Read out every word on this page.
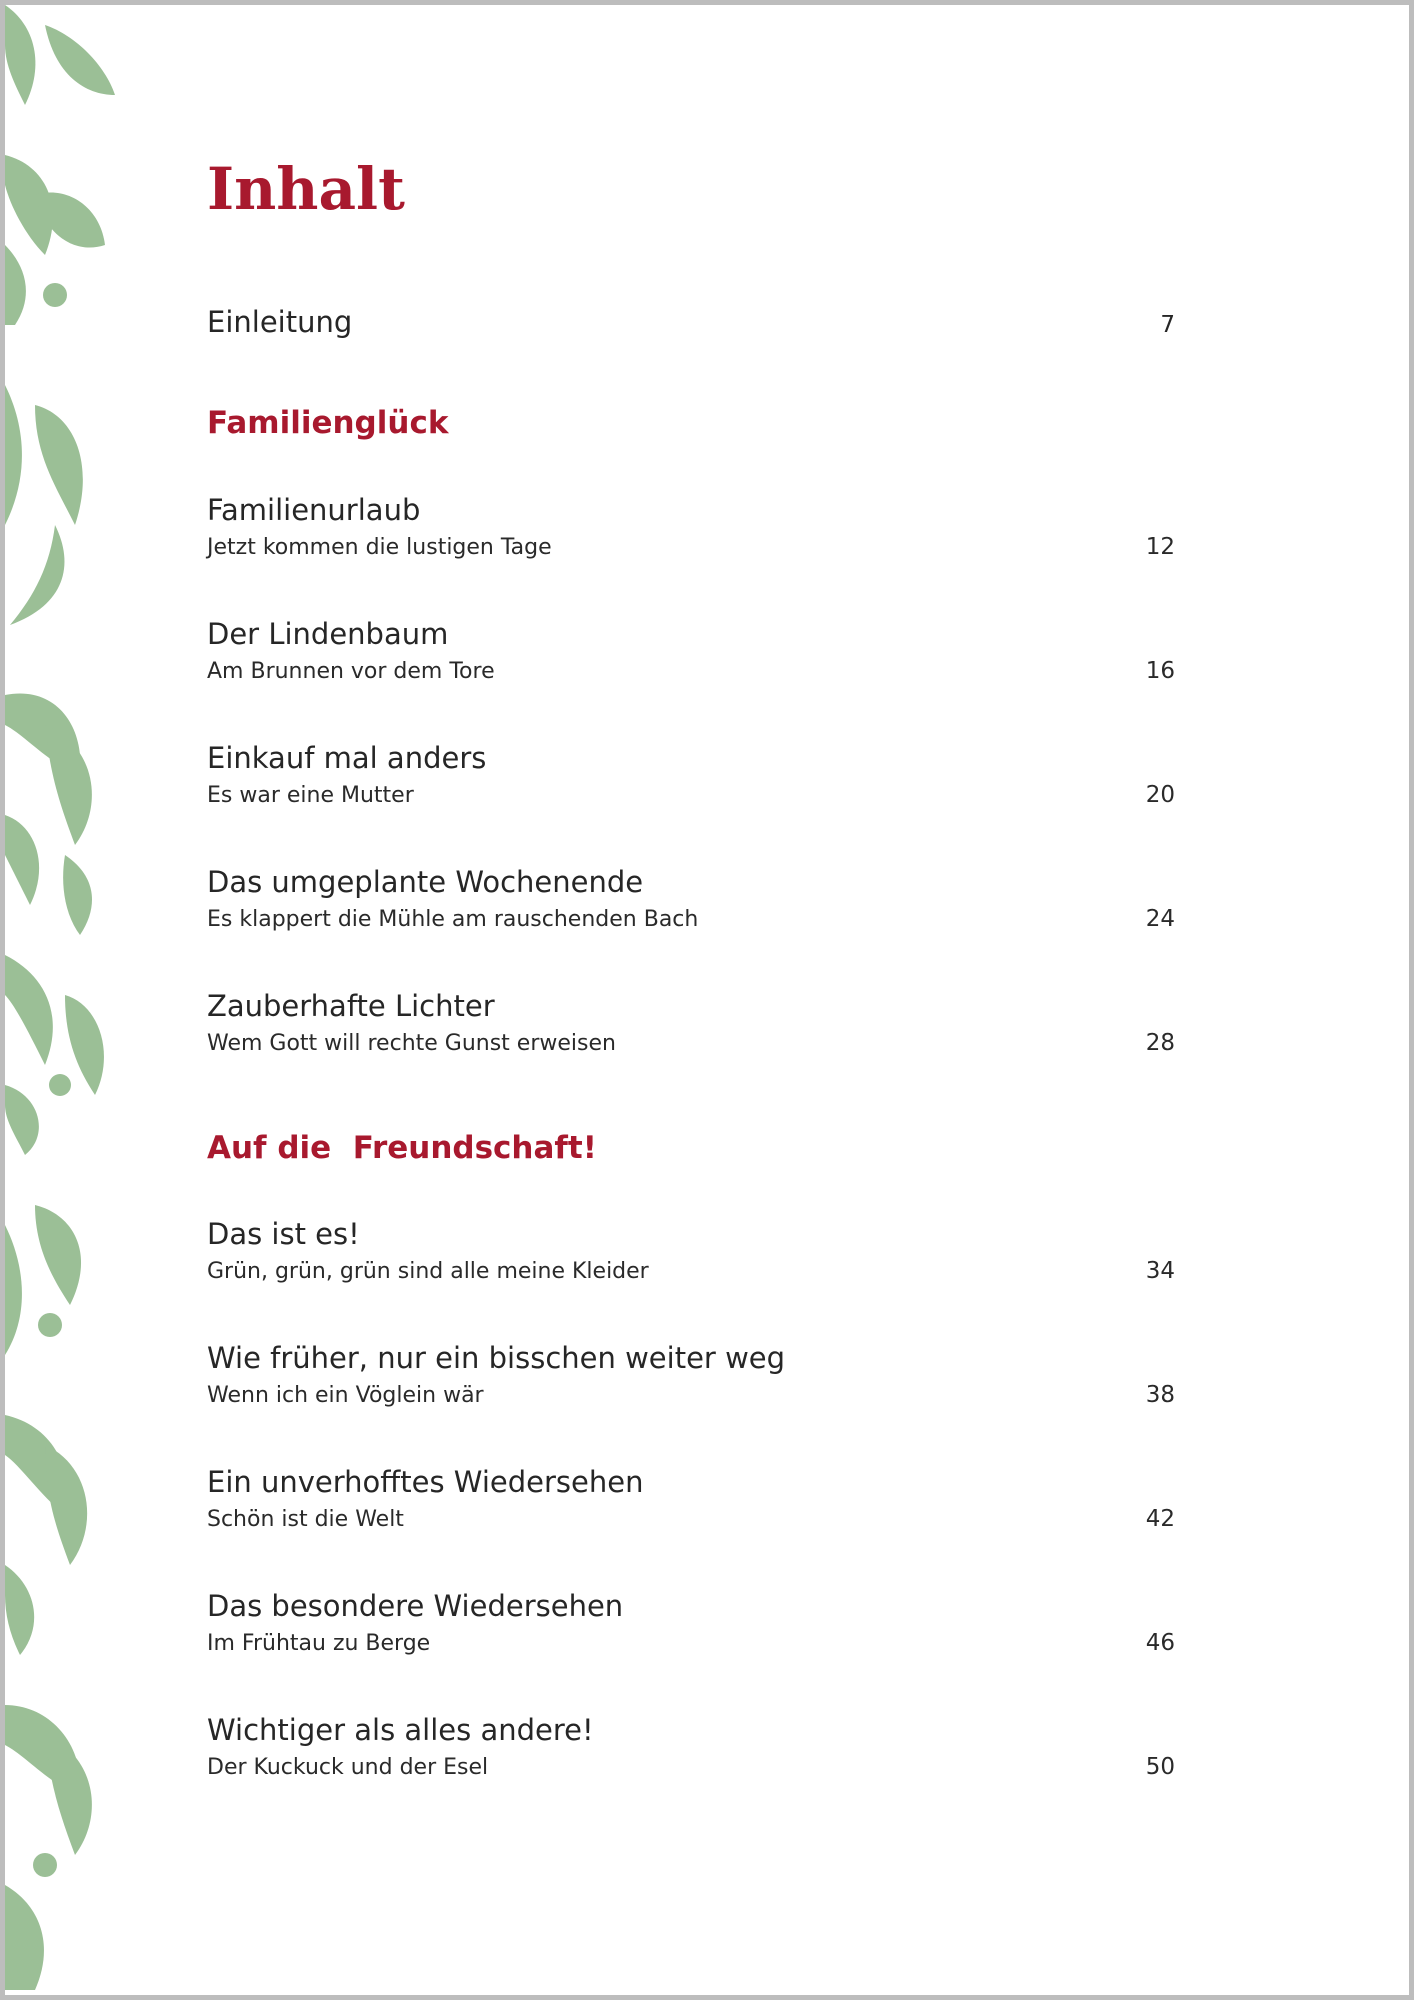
Inhalt
Einleitung	7
Familienglück
Familienurlaub
Jetzt kommen die lustigen Tage	12
Der Lindenbaum
Am Brunnen vor dem Tore	16
Einkauf mal anders
Es war eine Mutter	20
Das umgeplante Wochenende
Es klappert die Mühle am rauschenden Bach	24
Zauberhafte Lichter
Wem Gott will rechte Gunst erweisen	28
Auf die  Freundschaft!
Das ist es!
Grün, grün, grün sind alle meine Kleider	34
Wie früher, nur ein bisschen weiter weg
Wenn ich ein Vöglein wär	38
Ein unverhofftes Wiedersehen
Schön ist die Welt	42
Das besondere Wiedersehen
Im Frühtau zu Berge	46
Wichtiger als alles andere!
Der Kuckuck und der Esel	50
